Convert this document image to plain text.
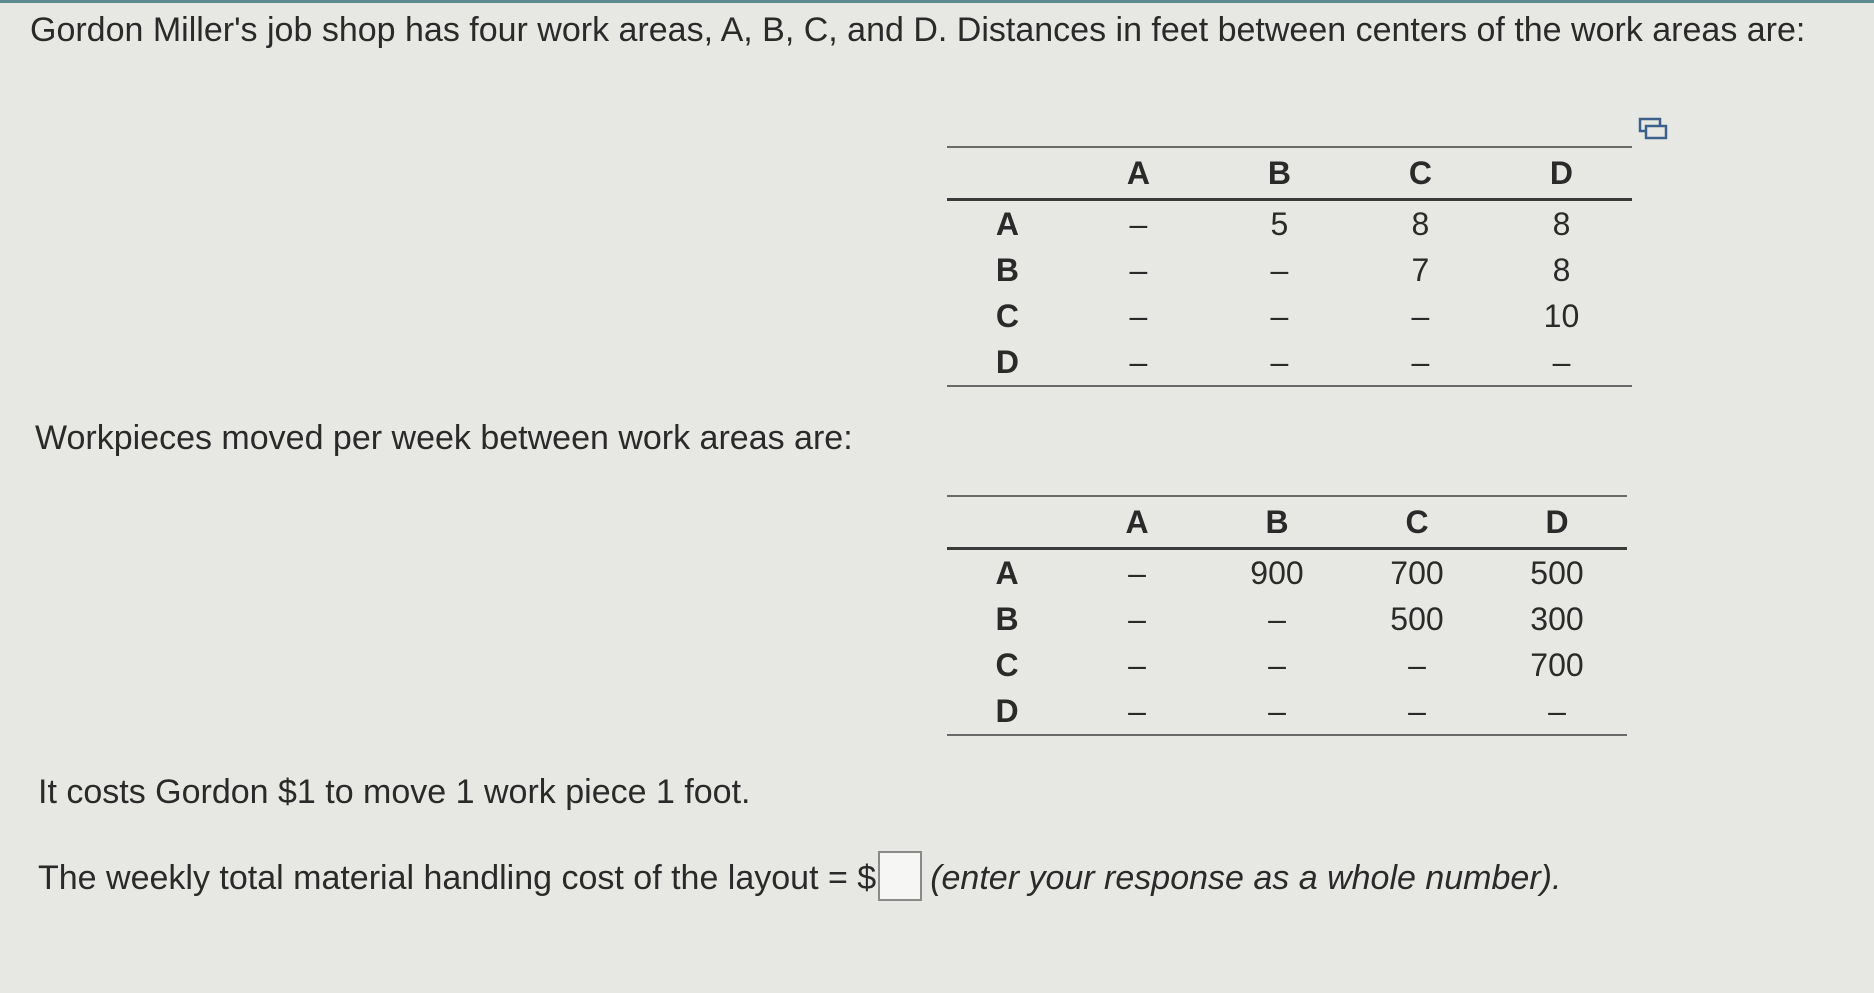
Gordon Miller's job shop has four work areas, A, B, C, and D. Distances in feet between centers of the work areas are:
	A	B	C	D
A	–	5	8	8
B	–	–	7	8
C	–	–	–	10
D	–	–	–	–
Workpieces moved per week between work areas are:
	A	B	C	D
A	–	900	700	500
B	–	–	500	300
C	–	–	–	700
D	–	–	–	–
It costs Gordon $1 to move 1 work piece 1 foot.
The weekly total material handling cost of the layout = $ (enter your response as a whole number).
